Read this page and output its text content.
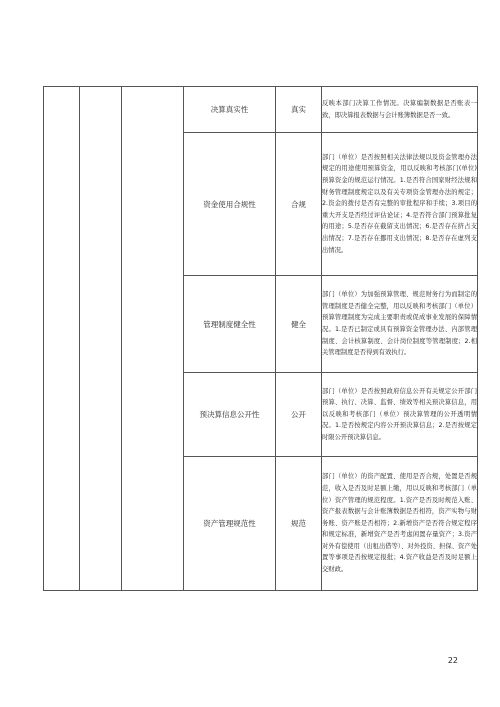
			决算真实性	真实	反映本部门决算工作情况。决算编制数据是否账表一致，即决算报表数据与会计账簿数据是否一致。
			资金使用合规性	合规	部门（单位）是否按照相关法律法规以及资金管理办法规定的用途使用预算资金，用以反映和考核部门(单位)预算资金的规范运行情况。1.是否符合国家财经法规和财务管理制度规定以及有关专项资金管理办法的规定；2.资金的拨付是否有完整的审批程序和手续；3.项目的重大开支是否经过评估论证；4.是否符合部门预算批复的用途；5.是否存在截留支出情况；6.是否存在挤占支出情况；7.是否存在挪用支出情况；8.是否存在虚列支出情况。
			管理制度健全性	健全	部门（单位）为加强预算管理、规范财务行为而制定的管理制度是否健全完整，用以反映和考核部门（单位）预算管理制度为完成主要职责或促成事业发展的保障情况。1.是否已制定或具有预算资金管理办法、内部管理制度、会计核算制度、会计岗位制度等管理制度；2.相关管理制度是否得到有效执行。
			预决算信息公开性	公开	部门（单位）是否按照政府信息公开有关规定公开部门预算、执行、决算、监督、绩效等相关预决算信息，用以反映和考核部门（单位）预决算管理的公开透明情况。1.是否按规定内容公开预决算信息；2.是否按规定时限公开预决算信息。
			资产管理规范性	规范	部门（单位）的资产配置、使用是否合规，处置是否规范，收入是否及时足额上缴，用以反映和考核部门（单位）资产管理的规范程度。1.资产是否及时规范入账、资产报表数据与会计账簿数据是否相符，资产实物与财务账、资产账是否相符；2.新增资产是否符合规定程序和规定标准，新增资产是否考虑闲置存量资产；3.资产对外有偿使用（出租出借等）、对外投资、担保、资产处置等事项是否按规定报批；4.资产收益是否及时足额上交财政。
22
